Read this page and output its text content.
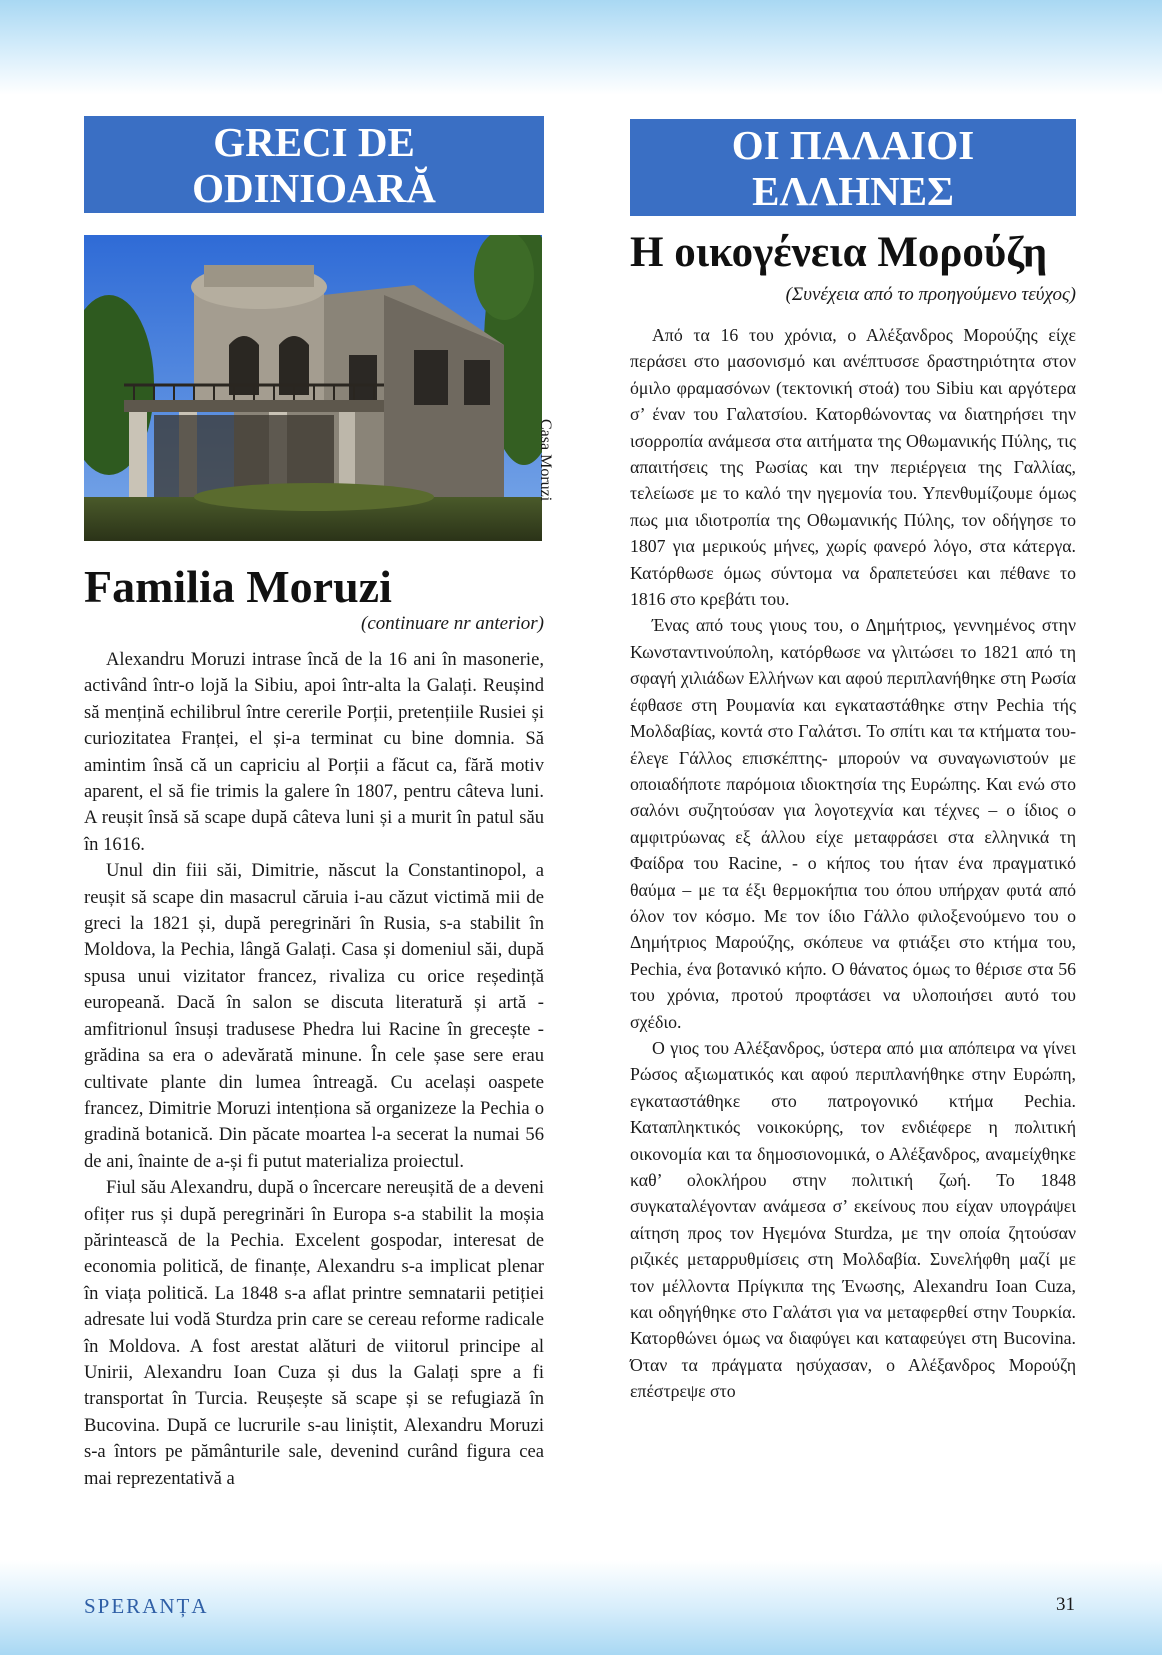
GRECI DE
ODINIOARĂ
Casa Moruzi
Familia Moruzi
(continuare nr anterior)

Alexandru Moruzi intrase încă de la 16 ani în masonerie, activând într-o lojă la Sibiu, apoi într-alta la Galați. Reușind să mențină echilibrul între cererile Porții, pretențiile Rusiei și curiozitatea Franței, el și-a terminat cu bine domnia. Să amintim însă că un capriciu al Porții a făcut ca, fără motiv aparent, el să fie trimis la galere în 1807, pentru câteva luni. A reușit însă să scape după câteva luni și a murit în patul său în 1616.

Unul din fiii săi, Dimitrie, născut la Constantinopol, a reușit să scape din masacrul căruia i-au căzut victimă mii de greci la 1821 și, după peregrinări în Rusia, s-a stabilit în Moldova, la Pechia, lângă Galați. Casa și domeniul săi, după spusa unui vizitator francez, rivaliza cu orice reședință europeană. Dacă în salon se discuta literatură și artă - amfitrionul însuși tradusese Phedra lui Racine în grecește - grădina sa era o adevărată minune. În cele șase sere erau cultivate plante din lumea întreagă. Cu același oaspete francez, Dimitrie Moruzi intenționa să organizeze la Pechia o gradină botanică. Din păcate moartea l-a secerat la numai 56 de ani, înainte de a-și fi putut materializa proiectul.

Fiul său Alexandru, după o încercare nereușită de a deveni ofițer rus și după peregrinări în Europa s-a stabilit la moșia părintească de la Pechia. Excelent gospodar, interesat de economia politică, de finanțe, Alexandru s-a implicat plenar în viața politică. La 1848 s-a aflat printre semnatarii petiției adresate lui vodă Sturdza prin care se cereau reforme radicale în Moldova. A fost arestat alături de viitorul principe al Unirii, Alexandru Ioan Cuza și dus la Galați spre a fi transportat în Turcia. Reușește să scape și se refugiază în Bucovina. După ce lucrurile s-au liniștit, Alexandru Moruzi s-a întors pe pământurile sale, devenind curând figura cea mai reprezentativă a

ΟΙ ΠΑΛΑΙΟΙ
ΕΛΛΗΝΕΣ
Η οικογένεια Μορούζη
(Συνέχεια από το προηγούμενο τεύχος)

Από τα 16 του χρόνια, ο Αλέξανδρος Μορούζης είχε περάσει στο μασονισμό και ανέπτυσσε δραστηριότητα στον όμιλο φραμασόνων (τεκτονική στοά) του Sibiu και αργότερα σ’ έναν του Γαλατσίου. Κατορθώνοντας να διατηρήσει την ισορροπία ανάμεσα στα αιτήματα της Οθωμανικής Πύλης, τις απαιτήσεις της Ρωσίας και την περιέργεια της Γαλλίας, τελείωσε με το καλό την ηγεμονία του. Υπενθυμίζουμε όμως πως μια ιδιοτροπία της Οθωμανικής Πύλης, τον οδήγησε το 1807 για μερικούς μήνες, χωρίς φανερό λόγο, στα κάτεργα. Κατόρθωσε όμως σύντομα να δραπετεύσει και πέθανε το 1816 στο κρεβάτι του.

Ένας από τους γιους του, ο Δημήτριος, γεννημένος στην Κωνσταντινούπολη, κατόρθωσε να γλιτώσει το 1821 από τη σφαγή χιλιάδων Ελλήνων και αφού περιπλανήθηκε στη Ρωσία έφθασε στη Ρουμανία και εγκαταστάθηκε στην Pechia τής Μολδαβίας, κοντά στο Γαλάτσι. Το σπίτι και τα κτήματα του- έλεγε Γάλλος επισκέπτης- μπορούν να συναγωνιστούν με οποιαδήποτε παρόμοια ιδιοκτησία της Ευρώπης. Και ενώ στο σαλόνι συζητούσαν για λογοτεχνία και τέχνες – ο ίδιος ο αμφιτρύωνας εξ άλλου είχε μεταφράσει στα ελληνικά τη Φαίδρα του Racine, - ο κήπος του ήταν ένα πραγματικό θαύμα – με τα έξι θερμοκήπια του όπου υπήρχαν φυτά από όλον τον κόσμο. Με τον ίδιο Γάλλο φιλοξενούμενο του ο Δημήτριος Μαρούζης, σκόπευε να φτιάξει στο κτήμα του, Pechia, ένα βοτανικό κήπο. Ο θάνατος όμως το θέρισε στα 56 του χρόνια, προτού προφτάσει να υλοποιήσει αυτό του σχέδιο.

Ο γιος του Αλέξανδρος, ύστερα από μια απόπειρα να γίνει Ρώσος αξιωματικός και αφού περιπλανήθηκε στην Ευρώπη, εγκαταστάθηκε στο πατρογονικό κτήμα Pechia. Καταπληκτικός νοικοκύρης, τον ενδιέφερε η πολιτική οικονομία και τα δημοσιονομικά, ο Αλέξανδρος, αναμείχθηκε καθ’ ολοκλήρου στην πολιτική ζωή. Το 1848 συγκαταλέγονταν ανάμεσα σ’ εκείνους που είχαν υπογράψει αίτηση προς τον Ηγεμόνα Sturdza, με την οποία ζητούσαν ριζικές μεταρρυθμίσεις στη Μολδαβία. Συνελήφθη μαζί με τον μέλλοντα Πρίγκιπα της Ένωσης, Alexandru Ioan Cuza, και οδηγήθηκε στο Γαλάτσι για να μεταφερθεί στην Τουρκία. Κατορθώνει όμως να διαφύγει και καταφεύγει στη Bucovina. Όταν τα πράγματα ησύχασαν, ο Αλέξανδρος Μορούζη επέστρεψε στο

SPERANȚA	31
